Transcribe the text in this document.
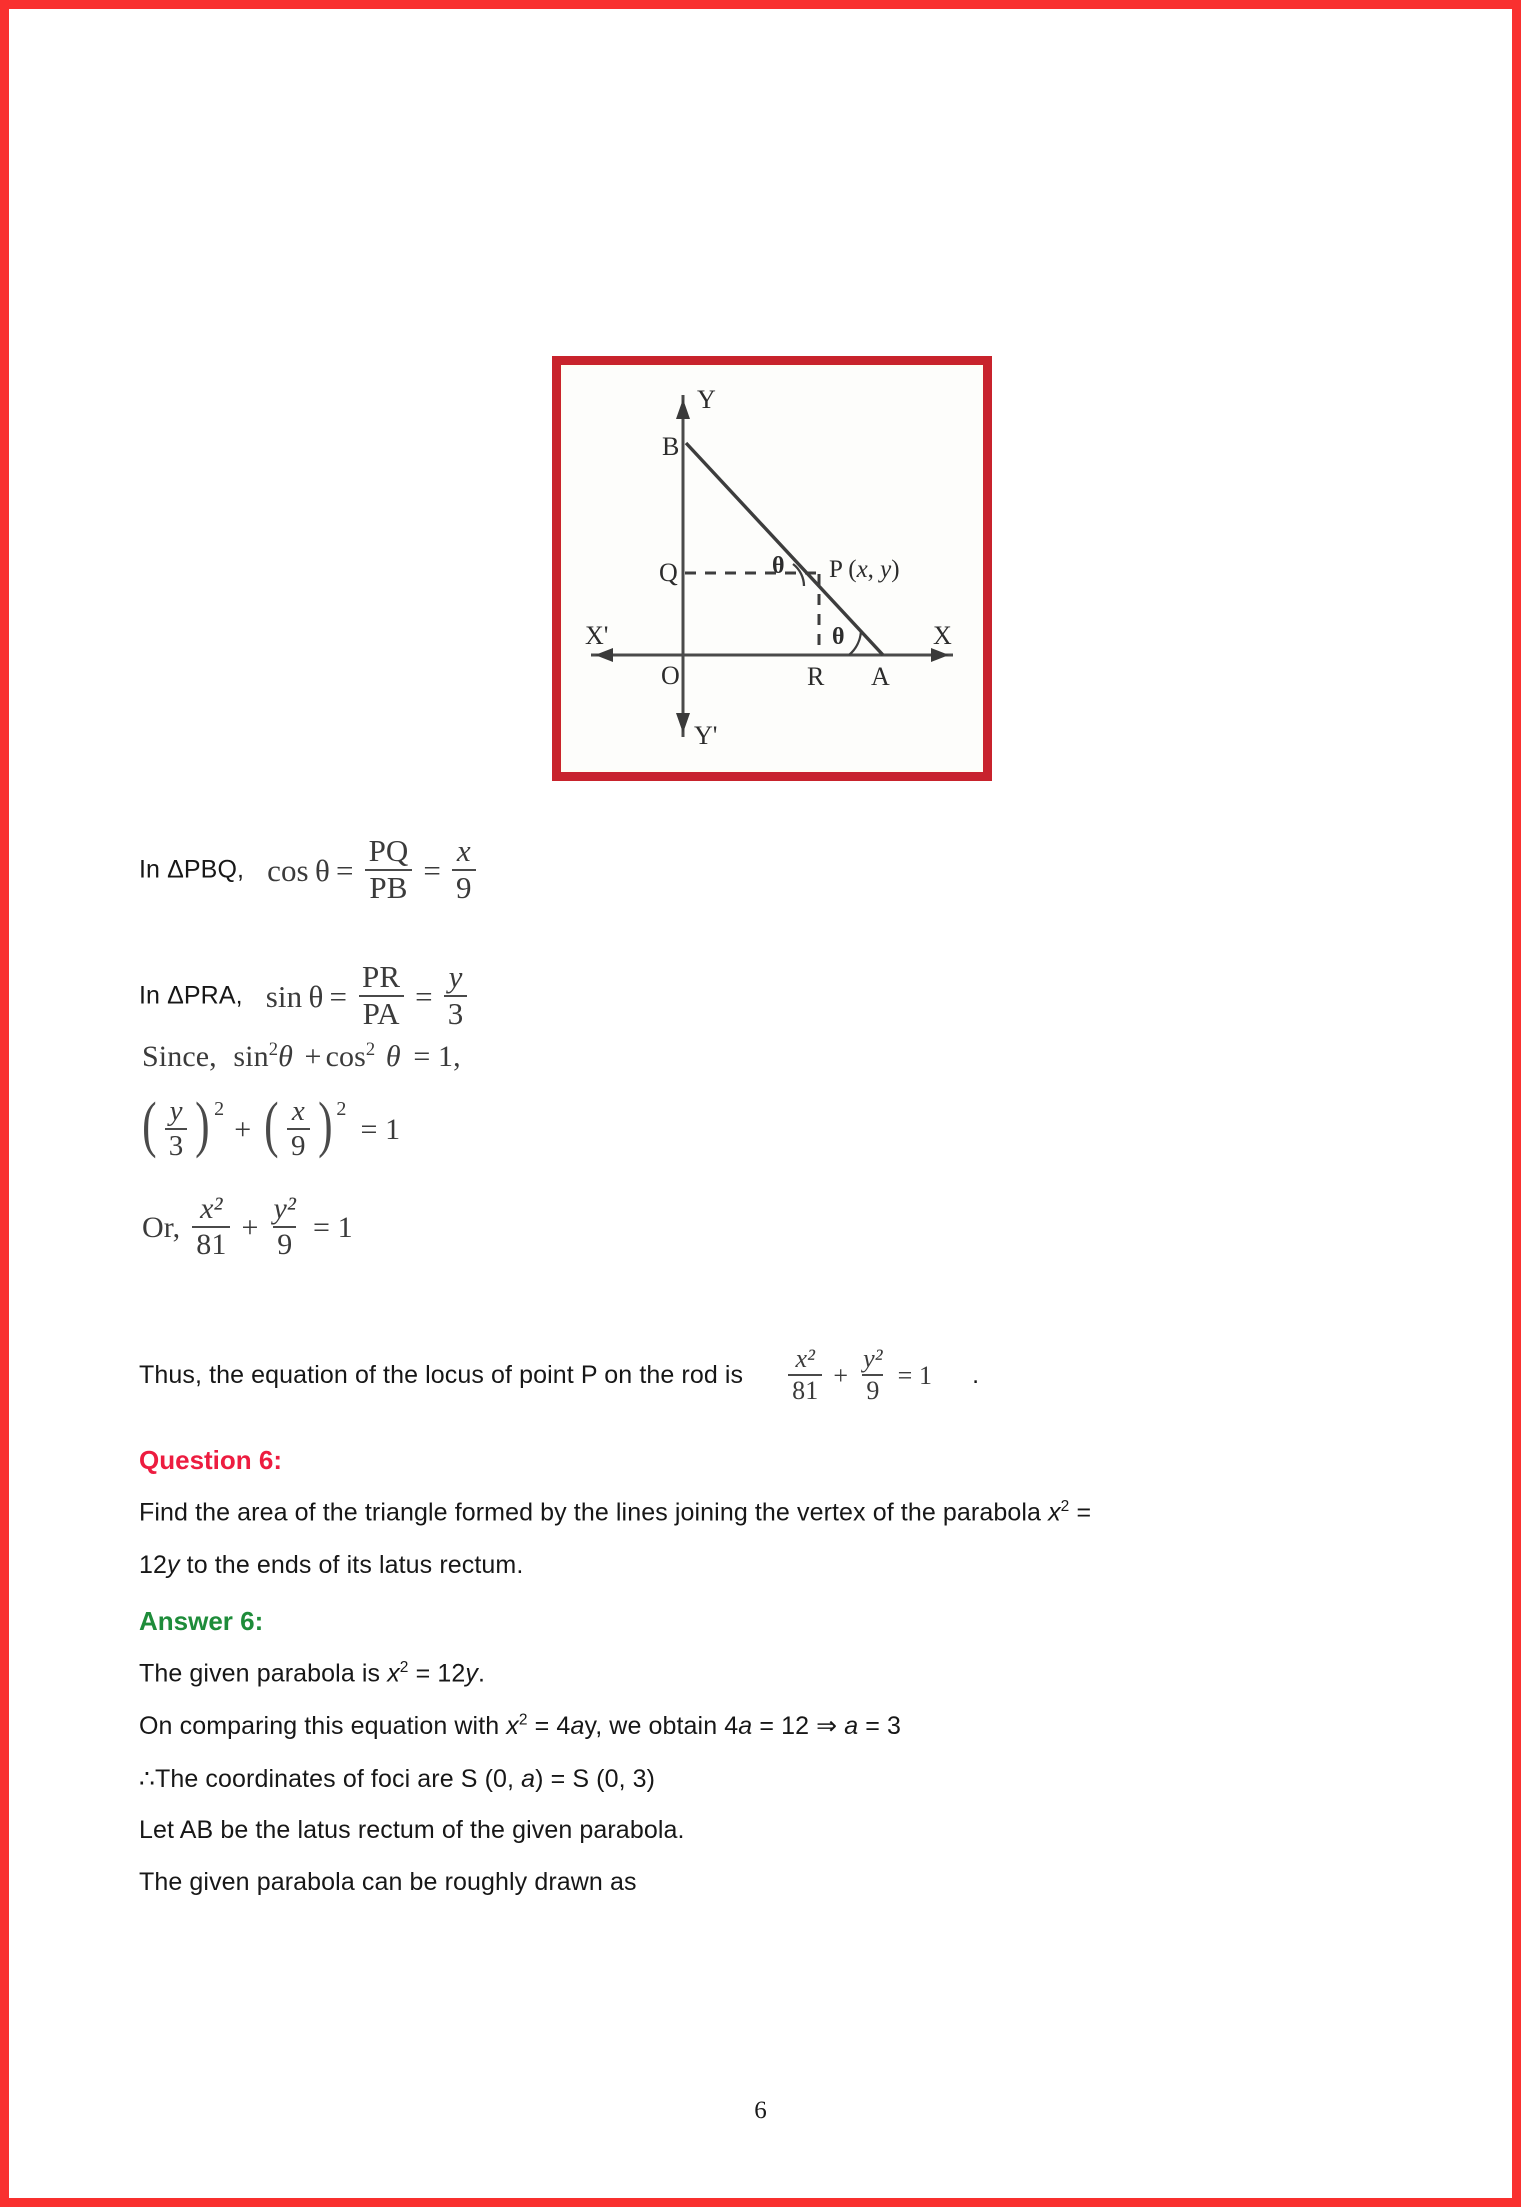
B
Y
Q
O
X'	X
Y'
θ
θ
R A
P (x, y)
In ΔPBQ, $\cos \theta = \frac{PQ}{PB} = \frac{x}{9}$
In ΔPRA, $\sin \theta = \frac{PR}{PA} = \frac{y}{3}$
Since, $\sin^2\theta + \cos^2 \theta = 1$,
( $\frac{y}{3}$ ) 2
+ ( $\frac{x}{9}$ ) 2
= 1
Or, $\frac{\text{x²}}{81} + \frac{\text{y²}}{9} = 1$
Thus, the equation of the locus of point P on the rod is $\frac{\text{x²}}{81} + \frac{\text{y²}}{9} = 1$ .
Question 6:
Find the area of the triangle formed by the lines joining the vertex of the parabola $x^2$ =
12y to the ends of its latus rectum.
Answer 6:
The given parabola is $x^2 = 12y$.
On comparing this equation with $x^2 = 4ay$, we obtain 4a = 12 ⇒ a = 3
∴The coordinates of foci are S (0, a) = S (0, 3)
Let AB be the latus rectum of the given parabola.
The given parabola can be roughly drawn as
6
